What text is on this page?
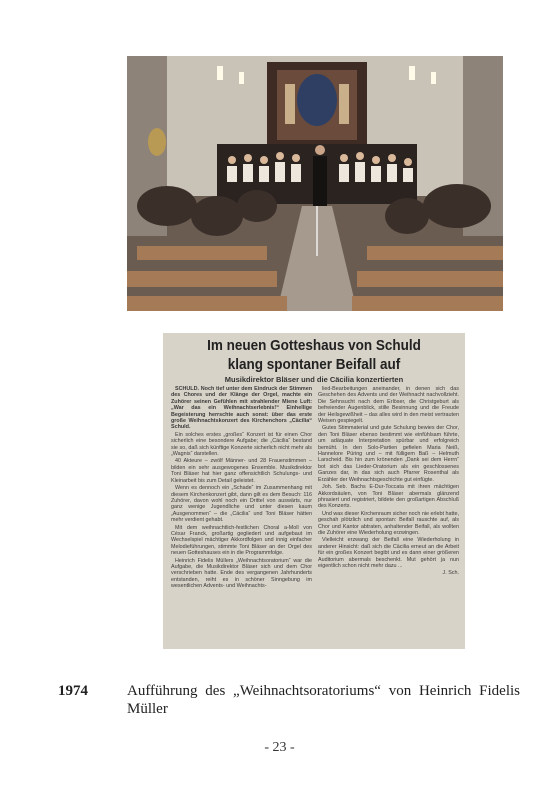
Im neuen Gotteshaus von Schuld
klang spontaner Beifall auf
Musikdirektor Bläser und die Cäcilia konzertierten

SCHULD. Noch tief unter dem Eindruck der Stimmen des Chores und der Klänge der Orgel, machte ein Zuhörer seinen Gefühlen mit strahlender Miene Luft: „War das ein Weihnachtserlebnis!“ Einhellige Begeisterung herrschte auch sonst: über das erste große Weihnachtskonzert des Kirchenchors „Cäcilia“ Schuld.

Ein solches erstes „großes“ Konzert ist für einen Chor sicherlich eine besondere Aufgabe; die „Cäcilia“ bestand sie so, daß sich künftige Konzerte sicherlich nicht mehr als „Wagnis“ darstellen.

40 Akteure – zwölf Männer- und 28 Frauenstimmen – bilden ein sehr ausgewogenes Ensemble. Musikdirektor Toni Bläser hat hier ganz offensichtlich Schulungs- und Kleinarbeit bis zum Detail geleistet.

Wenn es dennoch ein „Schade“ im Zusammenhang mit diesem Kirchenkonzert gibt, dann gilt es dem Besuch: 116 Zuhörer, davon wohl noch ein Drittel von auswärts, nur ganz wenige Jugendliche und unter diesen kaum „Ausgenommen“ – die „Cäcilia“ und Toni Bläser hätten mehr verdient gehabt.

Mit dem weihnachtlich-festlichen Choral a-Moll von César Franck, großartig gegliedert und aufgebaut im Wechselspiel mächtiger Akkordfolgen und innig einfacher Melodieführungen, stimmte Toni Bläser an der Orgel des neuen Gotteshauses ein in die Programmfolge.

Heinrich Fidelis Müllers „Weihnachtsoratorium“ war die Aufgabe, die Musikdirektor Bläser sich und dem Chor verschrieben hatte. Ende des vergangenen Jahrhunderts entstanden, reiht es in schöner Sinngebung im wesentlichen Advents- und Weihnachts-

lied-Bearbeitungen aneinander, in denen sich das Geschehen des Advents und der Weihnacht nachvollzieht. Die Sehnsucht nach dem Erlöser, die Christgeburt als befreiender Augenblick, stille Besinnung und die Freude der Heilsgewißheit – das alles wird in den meist vertrauten Weisen gespiegelt.

Gutes Stimmaterial und gute Schulung bewies der Chor, den Toni Bläser ebenso bestimmt wie einfühlsam führte, um adäquate Interpretation spürbar und erfolgreich bemüht. In den Solo-Partien gefielen Maria Neiß, Hannelore Püring und – mit fülligem Baß – Helmuth Larscheid. Bis hin zum krönenden „Dank sei dem Herrn“ bot sich das Lieder-Oratorium als ein geschlossenes Ganzes dar, in das sich auch Pfarrer Rosenthal als Erzähler der Weihnachtsgeschichte gut einfügte.

Joh. Seb. Bachs E-Dur-Toccata mit ihren mächtigen Akkordsäulen, von Toni Bläser abermals glänzend phrasiert und registriert, bildete den großartigen Abschluß des Konzerts.

Und was dieser Kirchenraum sicher noch nie erlebt hatte, geschah plötzlich und spontan: Beifall rauschte auf, als Chor und Kantor abtraten, anhaltender Beifall, als wollten die Zuhörer eine Wiederholung erzwingen.

Vielleicht erzwang der Beifall eine Wiederholung in anderer Hinsicht: daß sich die Cäcilia erneut an die Arbeit für ein großes Konzert begibt und es dann einer größeren Auditorium abermals beschenkt. Mut gehört ja nun eigentlich schon nicht mehr dazu ...

J. Sch.

1974	Aufführung des „Weihnachtsoratoriums“ von Heinrich Fidelis Müller
- 23 -
